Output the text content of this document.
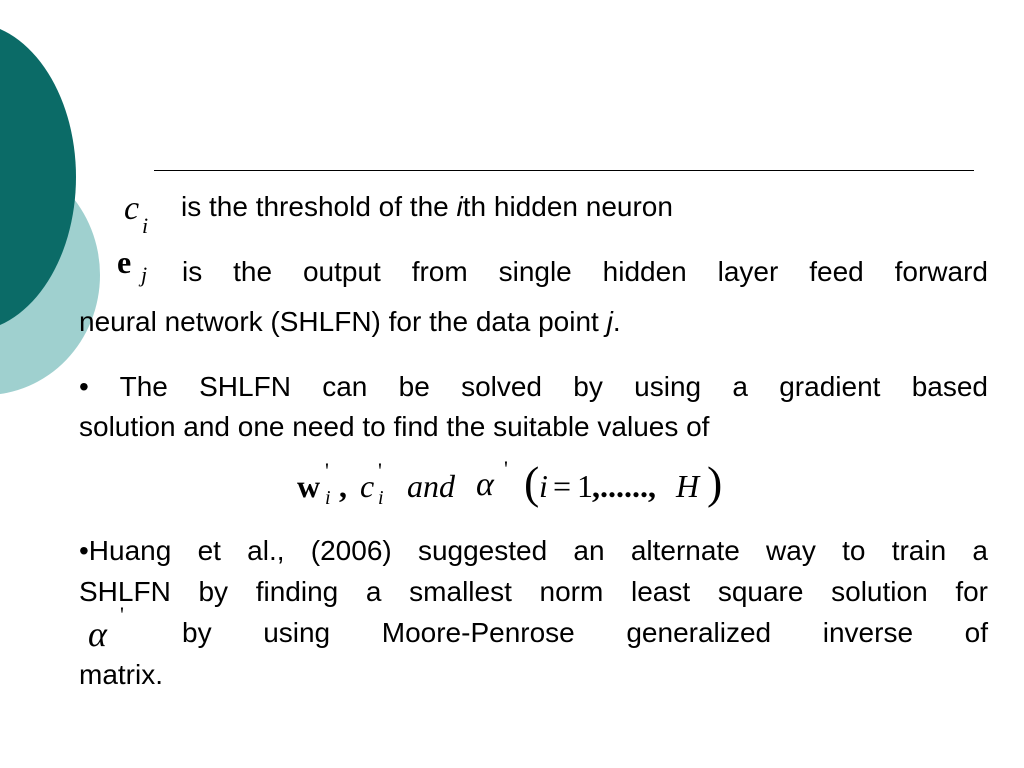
c i
is the threshold of the ith hidden neuron
e j is the output from single hidden layer feed forward
neural network (SHLFN) for the data point j.
• The SHLFN can be solved by using a gradient based
solution and one need to find the suitable values of
w '
i , c '
i and α ' ( i = 1 ,......, H )
•Huang et al., (2006) suggested an alternate way to train a
SHLFN by finding a smallest norm least square solution for
α '
by using Moore-Penrose generalized inverse of
matrix.
